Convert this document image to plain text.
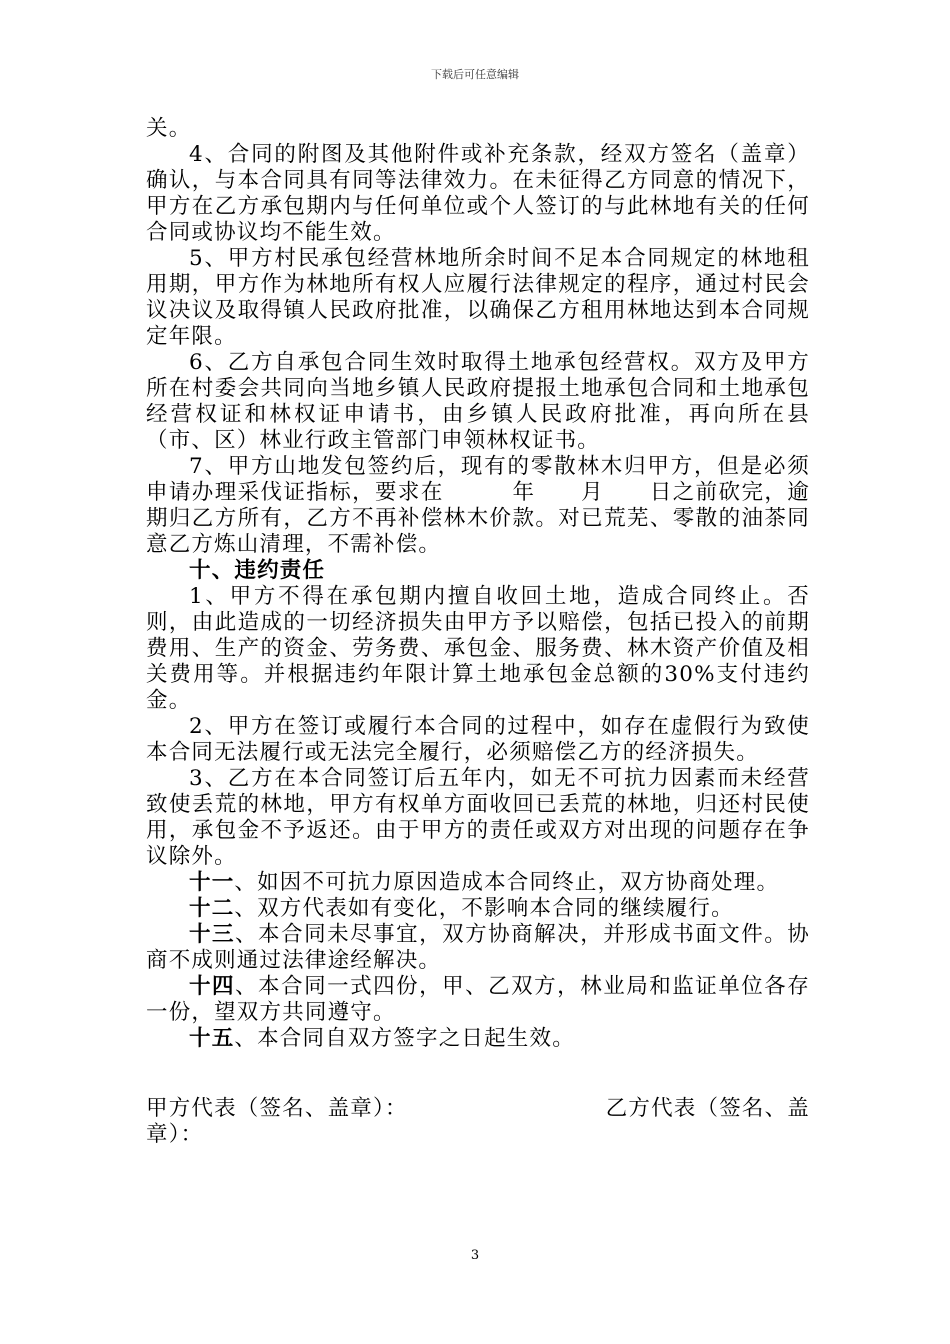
下载后可任意编辑

关。

4、合同的附图及其他附件或补充条款，经双方签名（盖章）确认，与本合同具有同等法律效力。在未征得乙方同意的情况下，甲方在乙方承包期内与任何单位或个人签订的与此林地有关的任何合同或协议均不能生效。

5、甲方村民承包经营林地所余时间不足本合同规定的林地租用期，甲方作为林地所有权人应履行法律规定的程序，通过村民会议决议及取得镇人民政府批准，以确保乙方租用林地达到本合同规定年限。

6、乙方自承包合同生效时取得土地承包经营权。双方及甲方所在村委会共同向当地乡镇人民政府提报土地承包合同和土地承包经营权证和林权证申请书，由乡镇人民政府批准，再向所在县（市、区）林业行政主管部门申领林权证书。

7、甲方山地发包签约后，现有的零散林木归甲方，但是必须申请办理采伐证指标，要求在　　　年　　月　　日之前砍完，逾期归乙方所有，乙方不再补偿林木价款。对已荒芜、零散的油茶同意乙方炼山清理，不需补偿。

十、违约责任

1、甲方不得在承包期内擅自收回土地，造成合同终止。否则，由此造成的一切经济损失由甲方予以赔偿，包括已投入的前期费用、生产的资金、劳务费、承包金、服务费、林木资产价值及相关费用等。并根据违约年限计算土地承包金总额的30%支付违约金。

2、甲方在签订或履行本合同的过程中，如存在虚假行为致使本合同无法履行或无法完全履行，必须赔偿乙方的经济损失。

3、乙方在本合同签订后五年内，如无不可抗力因素而未经营致使丢荒的林地，甲方有权单方面收回已丢荒的林地，归还村民使用，承包金不予返还。由于甲方的责任或双方对出现的问题存在争议除外。

十一、如因不可抗力原因造成本合同终止，双方协商处理。

十二、双方代表如有变化，不影响本合同的继续履行。

十三、本合同未尽事宜，双方协商解决，并形成书面文件。协商不成则通过法律途经解决。

十四、本合同一式四份，甲、乙双方，林业局和监证单位各存一份，望双方共同遵守。

十五、本合同自双方签字之日起生效。

甲方代表（签名、盖章）：	乙方代表（签名、盖
章）：
3
